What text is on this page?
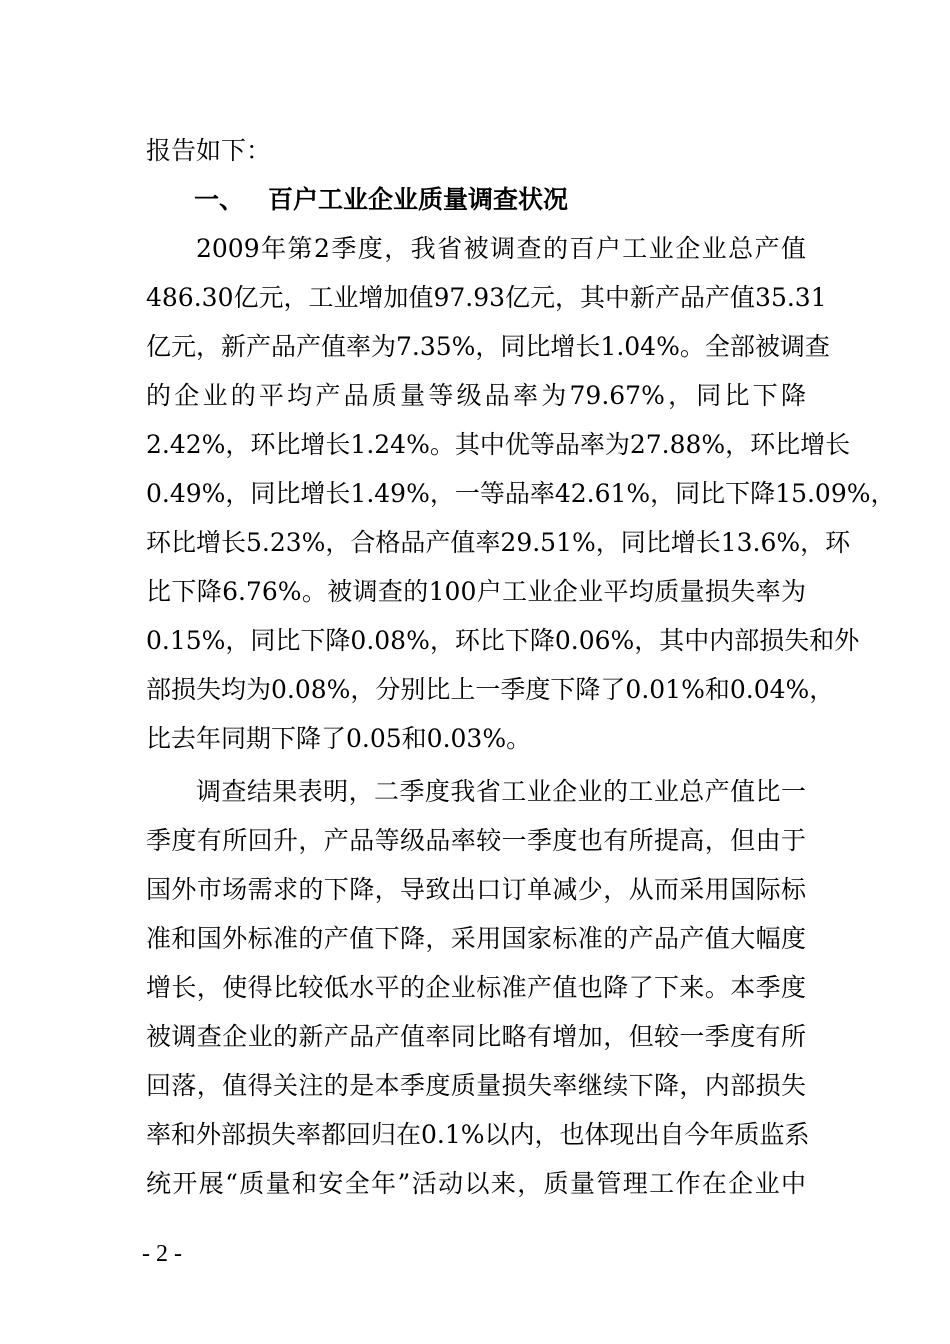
报告如下：
一、 百户工业企业质量调查状况
2009年第2季度，我省被调查的百户工业企业总产值
486.30亿元，工业增加值97.93亿元，其中新产品产值35.31
亿元，新产品产值率为7.35%，同比增长1.04%。全部被调查
的企业的平均产品质量等级品率为79.67%，同比下降
2.42%，环比增长1.24%。其中优等品率为27.88%，环比增长
0.49%，同比增长1.49%，一等品率42.61%，同比下降15.09%，
环比增长5.23%，合格品产值率29.51%，同比增长13.6%，环
比下降6.76%。被调查的100户工业企业平均质量损失率为
0.15%，同比下降0.08%，环比下降0.06%，其中内部损失和外
部损失均为0.08%，分别比上一季度下降了0.01%和0.04%，
比去年同期下降了0.05和0.03%。
调查结果表明，二季度我省工业企业的工业总产值比一
季度有所回升，产品等级品率较一季度也有所提高，但由于
国外市场需求的下降，导致出口订单减少，从而采用国际标
准和国外标准的产值下降，采用国家标准的产品产值大幅度
增长，使得比较低水平的企业标准产值也降了下来。本季度
被调查企业的新产品产值率同比略有增加，但较一季度有所
回落，值得关注的是本季度质量损失率继续下降，内部损失
率和外部损失率都回归在0.1%以内，也体现出自今年质监系
统开展“质量和安全年”活动以来，质量管理工作在企业中
- 2 -
